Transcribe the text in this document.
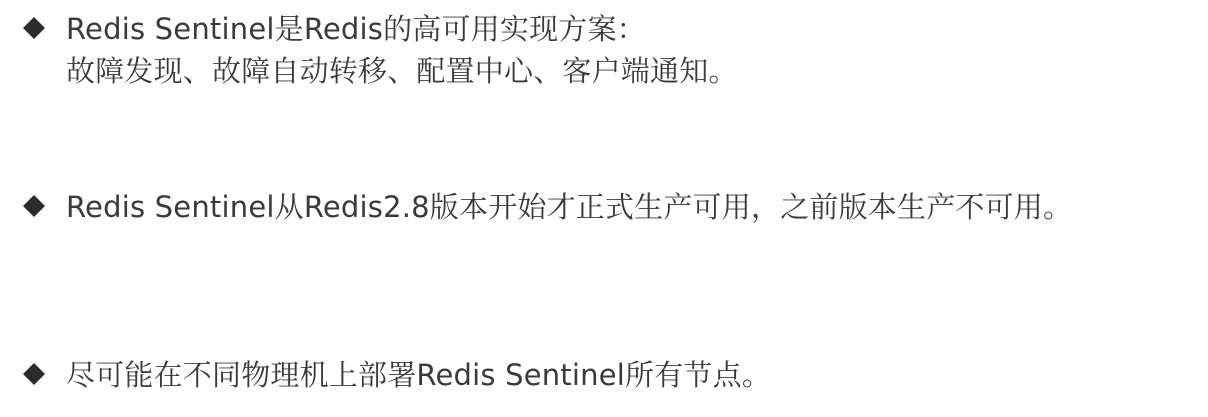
Redis Sentinel是Redis的高可用实现方案：
故障发现、故障自动转移、配置中心、客户端通知。
Redis Sentinel从Redis2.8版本开始才正式生产可用，之前版本生产不可用。
尽可能在不同物理机上部署Redis Sentinel所有节点。
